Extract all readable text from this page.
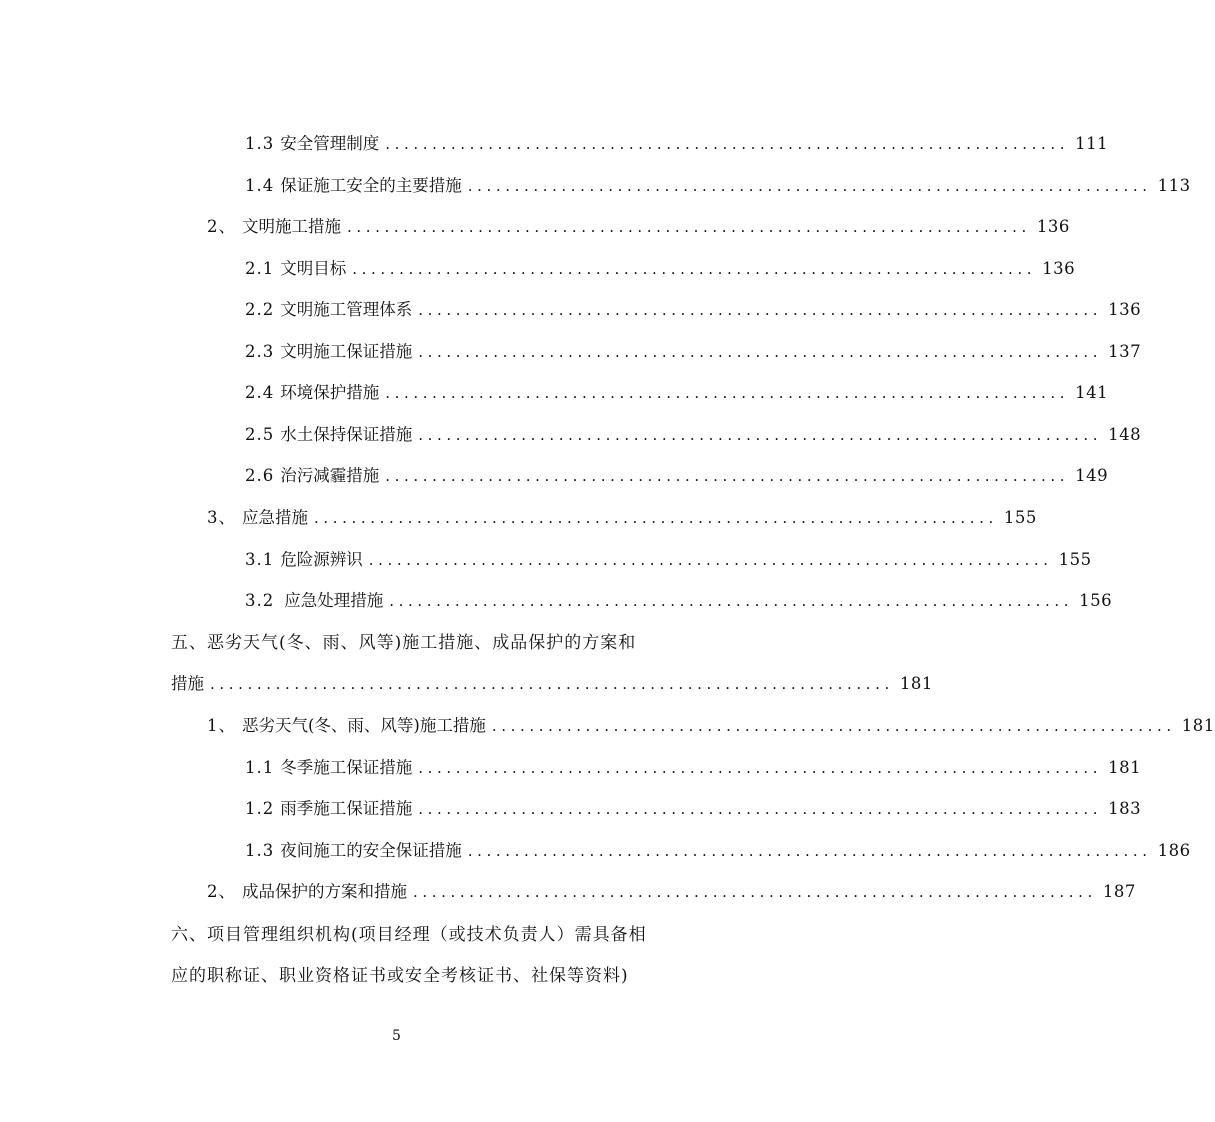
1.3 安全管理制度 ......................................................................... 111
1.4 保证施工安全的主要措施 ......................................................................... 113
2、 文明施工措施 ......................................................................... 136
2.1 文明目标 ......................................................................... 136
2.2 文明施工管理体系 ......................................................................... 136
2.3 文明施工保证措施 ......................................................................... 137
2.4 环境保护措施 ......................................................................... 141
2.5 水土保持保证措施 ......................................................................... 148
2.6 治污减霾措施 ......................................................................... 149
3、 应急措施 ......................................................................... 155
3.1 危险源辨识 ......................................................................... 155
3.2 应急处理措施 ......................................................................... 156
五、恶劣天气(冬、雨、风等)施工措施、成品保护的方案和
措施 ......................................................................... 181
1、 恶劣天气(冬、雨、风等)施工措施 ......................................................................... 181
1.1 冬季施工保证措施 ......................................................................... 181
1.2 雨季施工保证措施 ......................................................................... 183
1.3 夜间施工的安全保证措施 ......................................................................... 186
2、 成品保护的方案和措施 ......................................................................... 187
六、项目管理组织机构(项目经理（或技术负责人）需具备相
应的职称证、职业资格证书或安全考核证书、社保等资料)
5
